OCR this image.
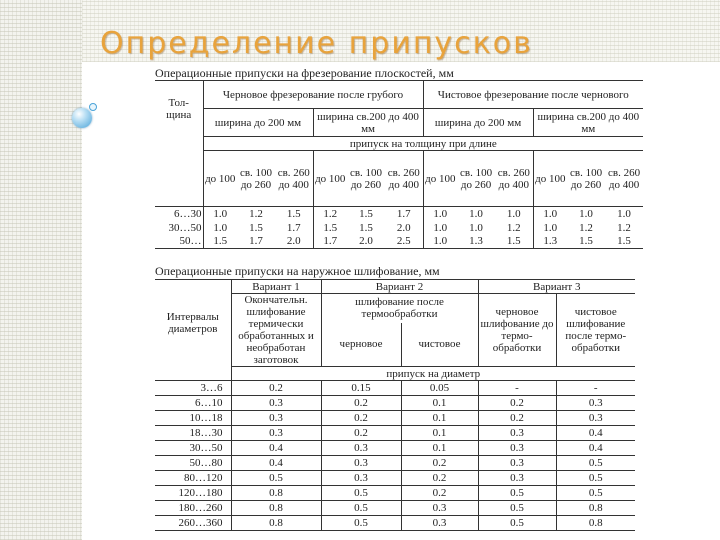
Определение припусков
Операционные припуски на фрезерование плоскостей, мм
Тол-щина	Черновое фрезерование после грубого						Чистовое фрезерование после чернового					
	ширина до 200 мм			ширина св.200 до 400 мм			ширина до 200 мм			ширина св.200 до 400 мм		
	припуск на толщину при длине											
	до 100	св. 100 до 260	св. 260 до 400	до 100	св. 100 до 260	св. 260 до 400	до 100	св. 100 до 260	св. 260 до 400	до 100	св. 100 до 260	св. 260 до 400
6…30	1.0	1.2	1.5	1.2	1.5	1.7	1.0	1.0	1.0	1.0	1.0	1.0
30…50	1.0	1.5	1.7	1.5	1.5	2.0	1.0	1.0	1.2	1.0	1.2	1.2
50…	1.5	1.7	2.0	1.7	2.0	2.5	1.0	1.3	1.5	1.3	1.5	1.5
Операционные припуски на наружное шлифование, мм
Интервалы диаметров	Вариант 1	Вариант 2		Вариант 3	
	Окончательн. шлифование термически обработанных и необработан заготовок	шлифование после термообработки		черновое шлифование до термо-обработки	чистовое шлифование после термо-обработки
		черновое	чистовое		
	припуск на диаметр				
3…6	0.2	0.15	0.05	-	-
6…10	0.3	0.2	0.1	0.2	0.3
10…18	0.3	0.2	0.1	0.2	0.3
18…30	0.3	0.2	0.1	0.3	0.4
30…50	0.4	0.3	0.1	0.3	0.4
50…80	0.4	0.3	0.2	0.3	0.5
80…120	0.5	0.3	0.2	0.3	0.5
120…180	0.8	0.5	0.2	0.5	0.5
180…260	0.8	0.5	0.3	0.5	0.8
260…360	0.8	0.5	0.3	0.5	0.8
